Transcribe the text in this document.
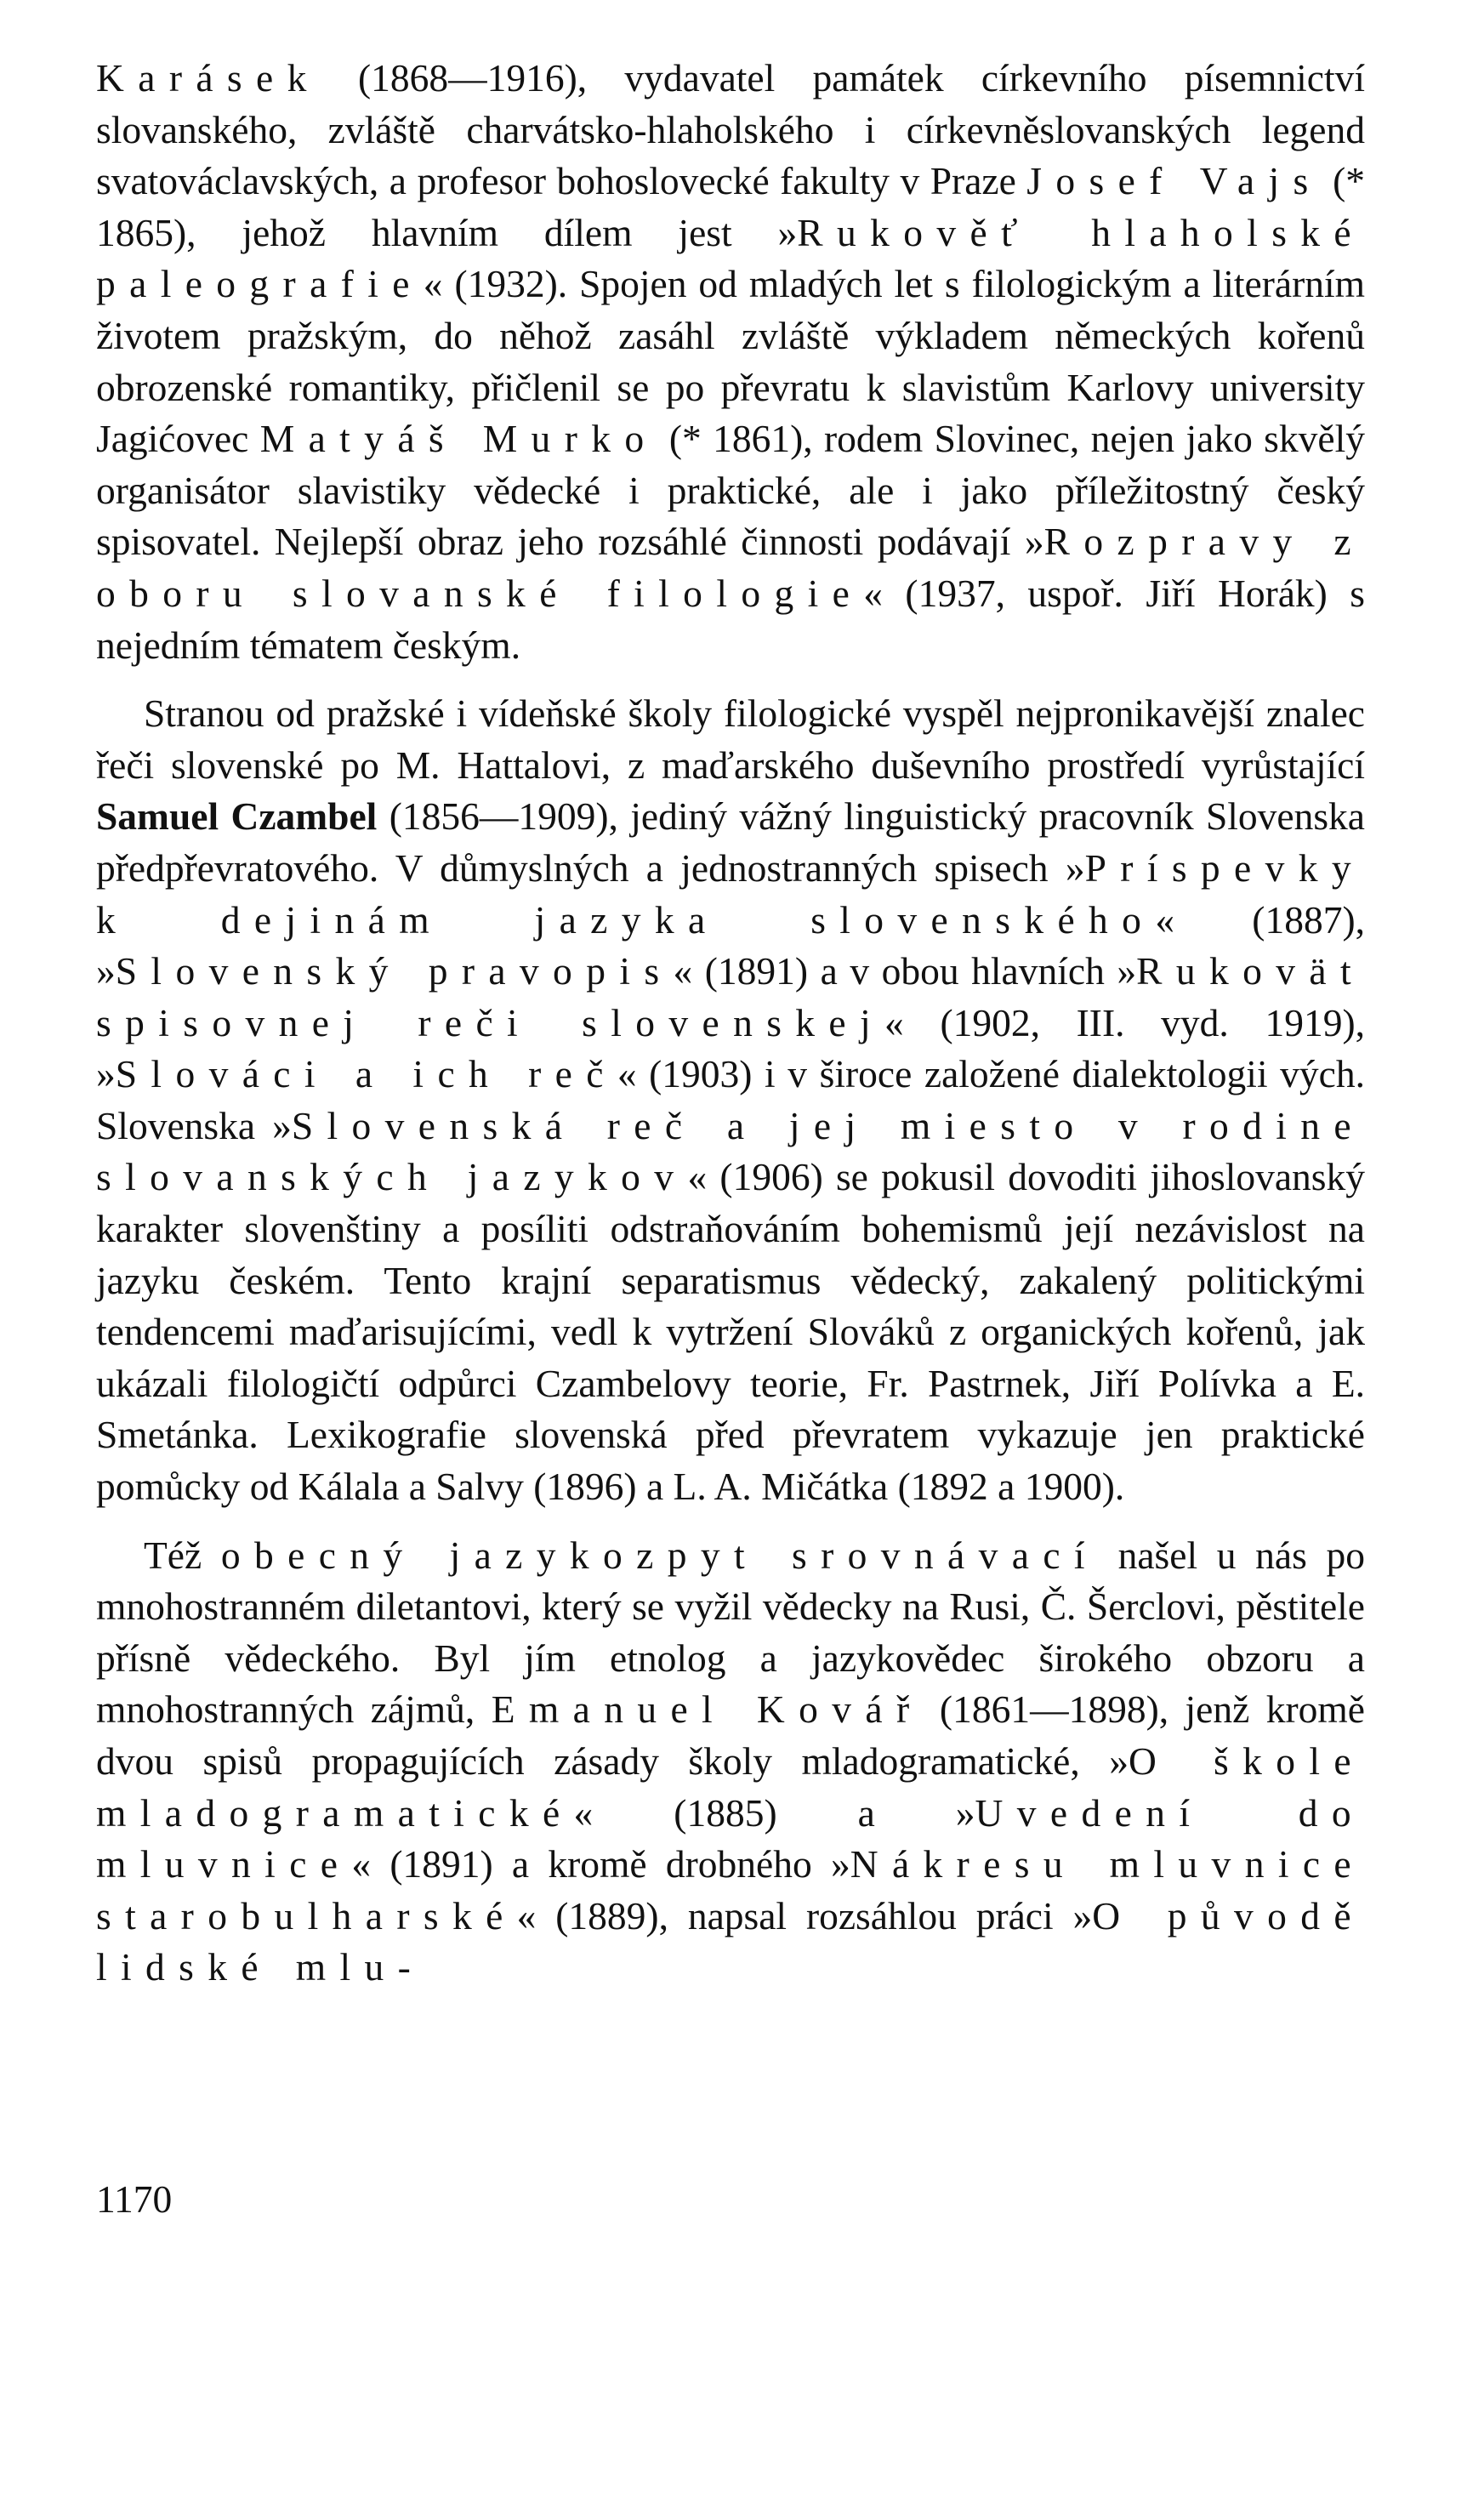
Karásek (1868—1916), vydavatel památek církevního písemnictví slovanského, zvláště charvátsko-hlaholského i církevněslovanských legend svatováclavských, a profesor bohoslovecké fakulty v Praze Josef Vajs (* 1865), jehož hlavním dílem jest »Rukověť hlaholské paleografie« (1932). Spojen od mladých let s filologickým a literárním životem pražským, do něhož zasáhl zvláště výkladem německých kořenů obrozenské romantiky, přičlenil se po převratu k slavistům Karlovy university Jagićovec Matyáš Murko (* 1861), rodem Slovinec, nejen jako skvělý organisátor slavistiky vědecké i praktické, ale i jako příležitostný český spisovatel. Nejlepší obraz jeho rozsáhlé činnosti podávají »Rozpravy z oboru slovanské filologie« (1937, uspoř. Jiří Horák) s nejedním tématem českým.

Stranou od pražské i vídeňské školy filologické vyspěl nejpronikavější znalec řeči slovenské po M. Hattalovi, z maďarského duševního prostředí vyrůstající Samuel Czambel (1856—1909), jediný vážný linguistický pracovník Slovenska předpřevratového. V důmyslných a jednostranných spisech »Príspevky k dejinám jazyka slovenského« (1887), »Slovenský pravopis« (1891) a v obou hlavních »Rukovät spisovnej reči slovenskej« (1902, III. vyd. 1919), »Slováci a ich reč« (1903) i v široce založené dialektologii vých. Slovenska »Slovenská reč a jej miesto v rodine slovanských jazykov« (1906) se pokusil dovoditi jihoslovanský karakter slovenštiny a posíliti odstraňováním bohemismů její nezávislost na jazyku českém. Tento krajní separatismus vědecký, zakalený politickými tendencemi maďarisujícími, vedl k vytržení Slováků z organických kořenů, jak ukázali filologičtí odpůrci Czambelovy teorie, Fr. Pastrnek, Jiří Polívka a E. Smetánka. Lexikografie slovenská před převratem vykazuje jen praktické pomůcky od Kálala a Salvy (1896) a L. A. Mičátka (1892 a 1900).

Též obecný jazykozpyt srovnávací našel u nás po mnohostranném diletantovi, který se vyžil vědecky na Rusi, Č. Šerclovi, pěstitele přísně vědeckého. Byl jím etnolog a jazykovědec širokého obzoru a mnohostranných zájmů, Emanuel Kovář (1861—1898), jenž kromě dvou spisů propagujících zásady školy mladogramatické, »O škole mladogramatické« (1885) a »Uvedení do mluvnice« (1891) a kromě drobného »Nákresu mluvnice starobulharské« (1889), napsal rozsáhlou práci »O původě lidské mlu-

1170
